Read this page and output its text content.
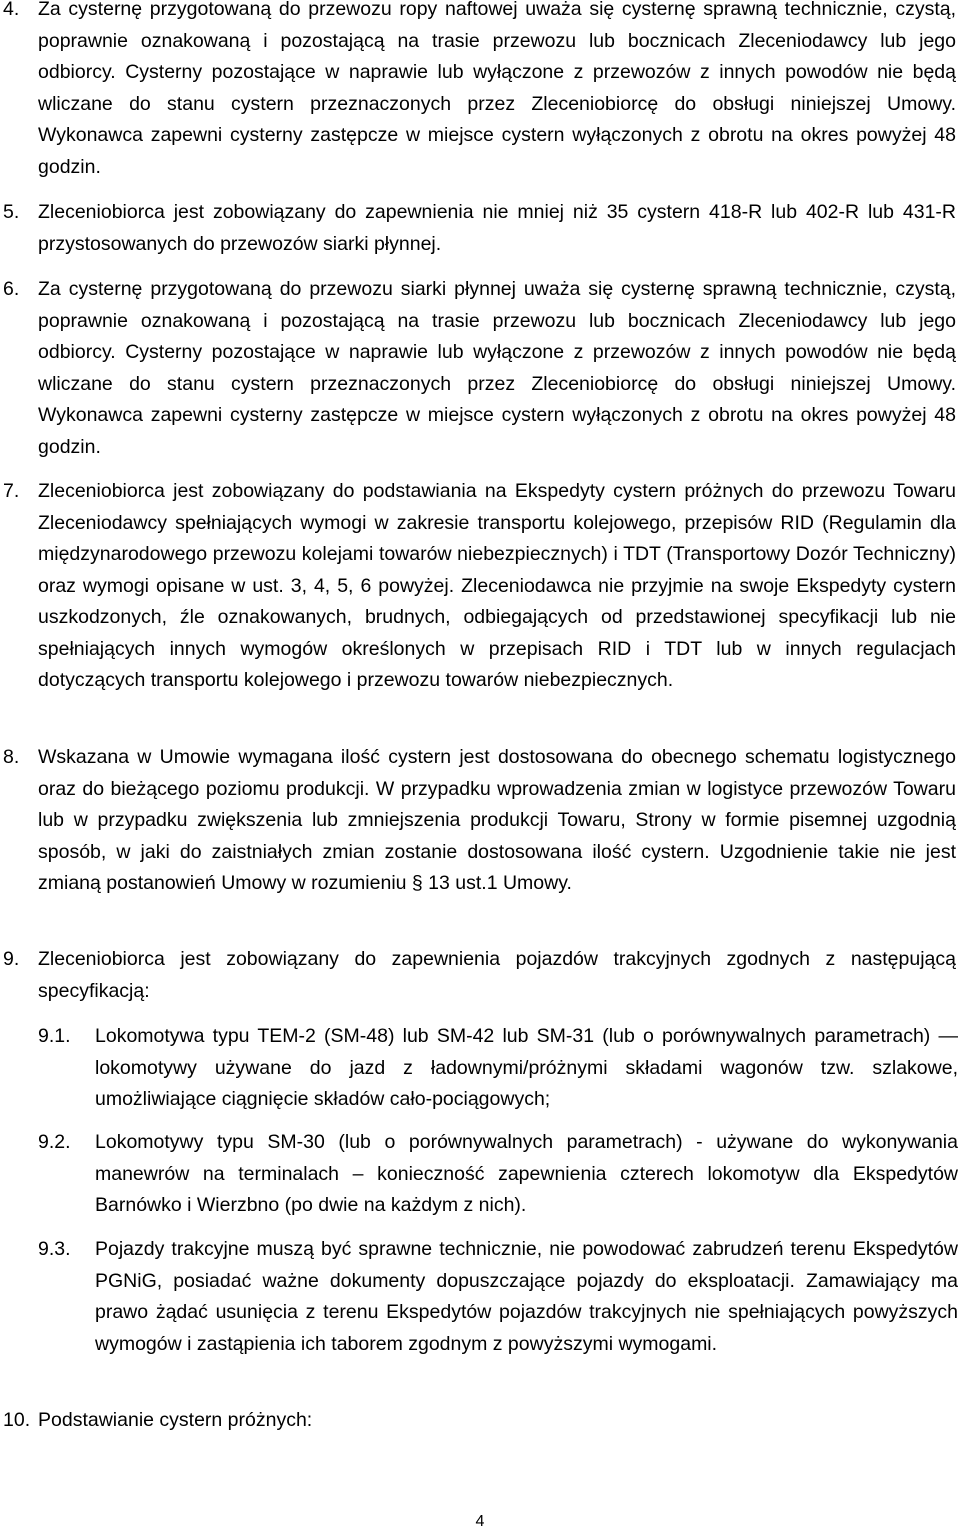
4. Za cysternę przygotowaną do przewozu ropy naftowej uważa się cysternę sprawną technicznie, czystą, poprawnie oznakowaną i pozostającą na trasie przewozu lub bocznicach Zleceniodawcy lub jego odbiorcy. Cysterny pozostające w naprawie lub wyłączone z przewozów z innych powodów nie będą wliczane do stanu cystern przeznaczonych przez Zleceniobiorcę do obsługi niniejszej Umowy. Wykonawca zapewni cysterny zastępcze w miejsce cystern wyłączonych z obrotu na okres powyżej 48 godzin.
5. Zleceniobiorca jest zobowiązany do zapewnienia nie mniej niż 35 cystern 418-R lub 402-R lub 431-R przystosowanych do przewozów siarki płynnej.
6. Za cysternę przygotowaną do przewozu siarki płynnej uważa się cysternę sprawną technicznie, czystą, poprawnie oznakowaną i pozostającą na trasie przewozu lub bocznicach Zleceniodawcy lub jego odbiorcy. Cysterny pozostające w naprawie lub wyłączone z przewozów z innych powodów nie będą wliczane do stanu cystern przeznaczonych przez Zleceniobiorcę do obsługi niniejszej Umowy. Wykonawca zapewni cysterny zastępcze w miejsce cystern wyłączonych z obrotu na okres powyżej 48 godzin.
7. Zleceniobiorca jest zobowiązany do podstawiania na Ekspedyty cystern próżnych do przewozu Towaru Zleceniodawcy spełniających wymogi w zakresie transportu kolejowego, przepisów RID (Regulamin dla międzynarodowego przewozu kolejami towarów niebezpiecznych) i TDT (Transportowy Dozór Techniczny) oraz wymogi opisane w ust. 3, 4, 5, 6 powyżej. Zleceniodawca nie przyjmie na swoje Ekspedyty cystern uszkodzonych, źle oznakowanych, brudnych, odbiegających od przedstawionej specyfikacji lub nie spełniających innych wymogów określonych w przepisach RID i TDT lub w innych regulacjach dotyczących transportu kolejowego i przewozu towarów niebezpiecznych.
8. Wskazana w Umowie wymagana ilość cystern jest dostosowana do obecnego schematu logistycznego oraz do bieżącego poziomu produkcji. W przypadku wprowadzenia zmian w logistyce przewozów Towaru lub w przypadku zwiększenia lub zmniejszenia produkcji Towaru, Strony w formie pisemnej uzgodnią sposób, w jaki do zaistniałych zmian zostanie dostosowana ilość cystern. Uzgodnienie takie nie jest zmianą postanowień Umowy w rozumieniu § 13 ust.1 Umowy.
9. Zleceniobiorca jest zobowiązany do zapewnienia pojazdów trakcyjnych zgodnych z następującą specyfikacją:
9.1. Lokomotywa typu TEM-2 (SM-48) lub SM-42 lub SM-31 (lub o porównywalnych parametrach) — lokomotywy używane do jazd z ładownymi/próżnymi składami wagonów tzw. szlakowe, umożliwiające ciągnięcie składów cało-pociągowych;
9.2. Lokomotywy typu SM-30 (lub o porównywalnych parametrach) - używane do wykonywania manewrów na terminalach – konieczność zapewnienia czterech lokomotyw dla Ekspedytów Barnówko i Wierzbno (po dwie na każdym z nich).
9.3. Pojazdy trakcyjne muszą być sprawne technicznie, nie powodować zabrudzeń terenu Ekspedytów PGNiG, posiadać ważne dokumenty dopuszczające pojazdy do eksploatacji. Zamawiający ma prawo żądać usunięcia z terenu Ekspedytów pojazdów trakcyjnych nie spełniających powyższych wymogów i zastąpienia ich taborem zgodnym z powyższymi wymogami.
10. Podstawianie cystern próżnych:
4
